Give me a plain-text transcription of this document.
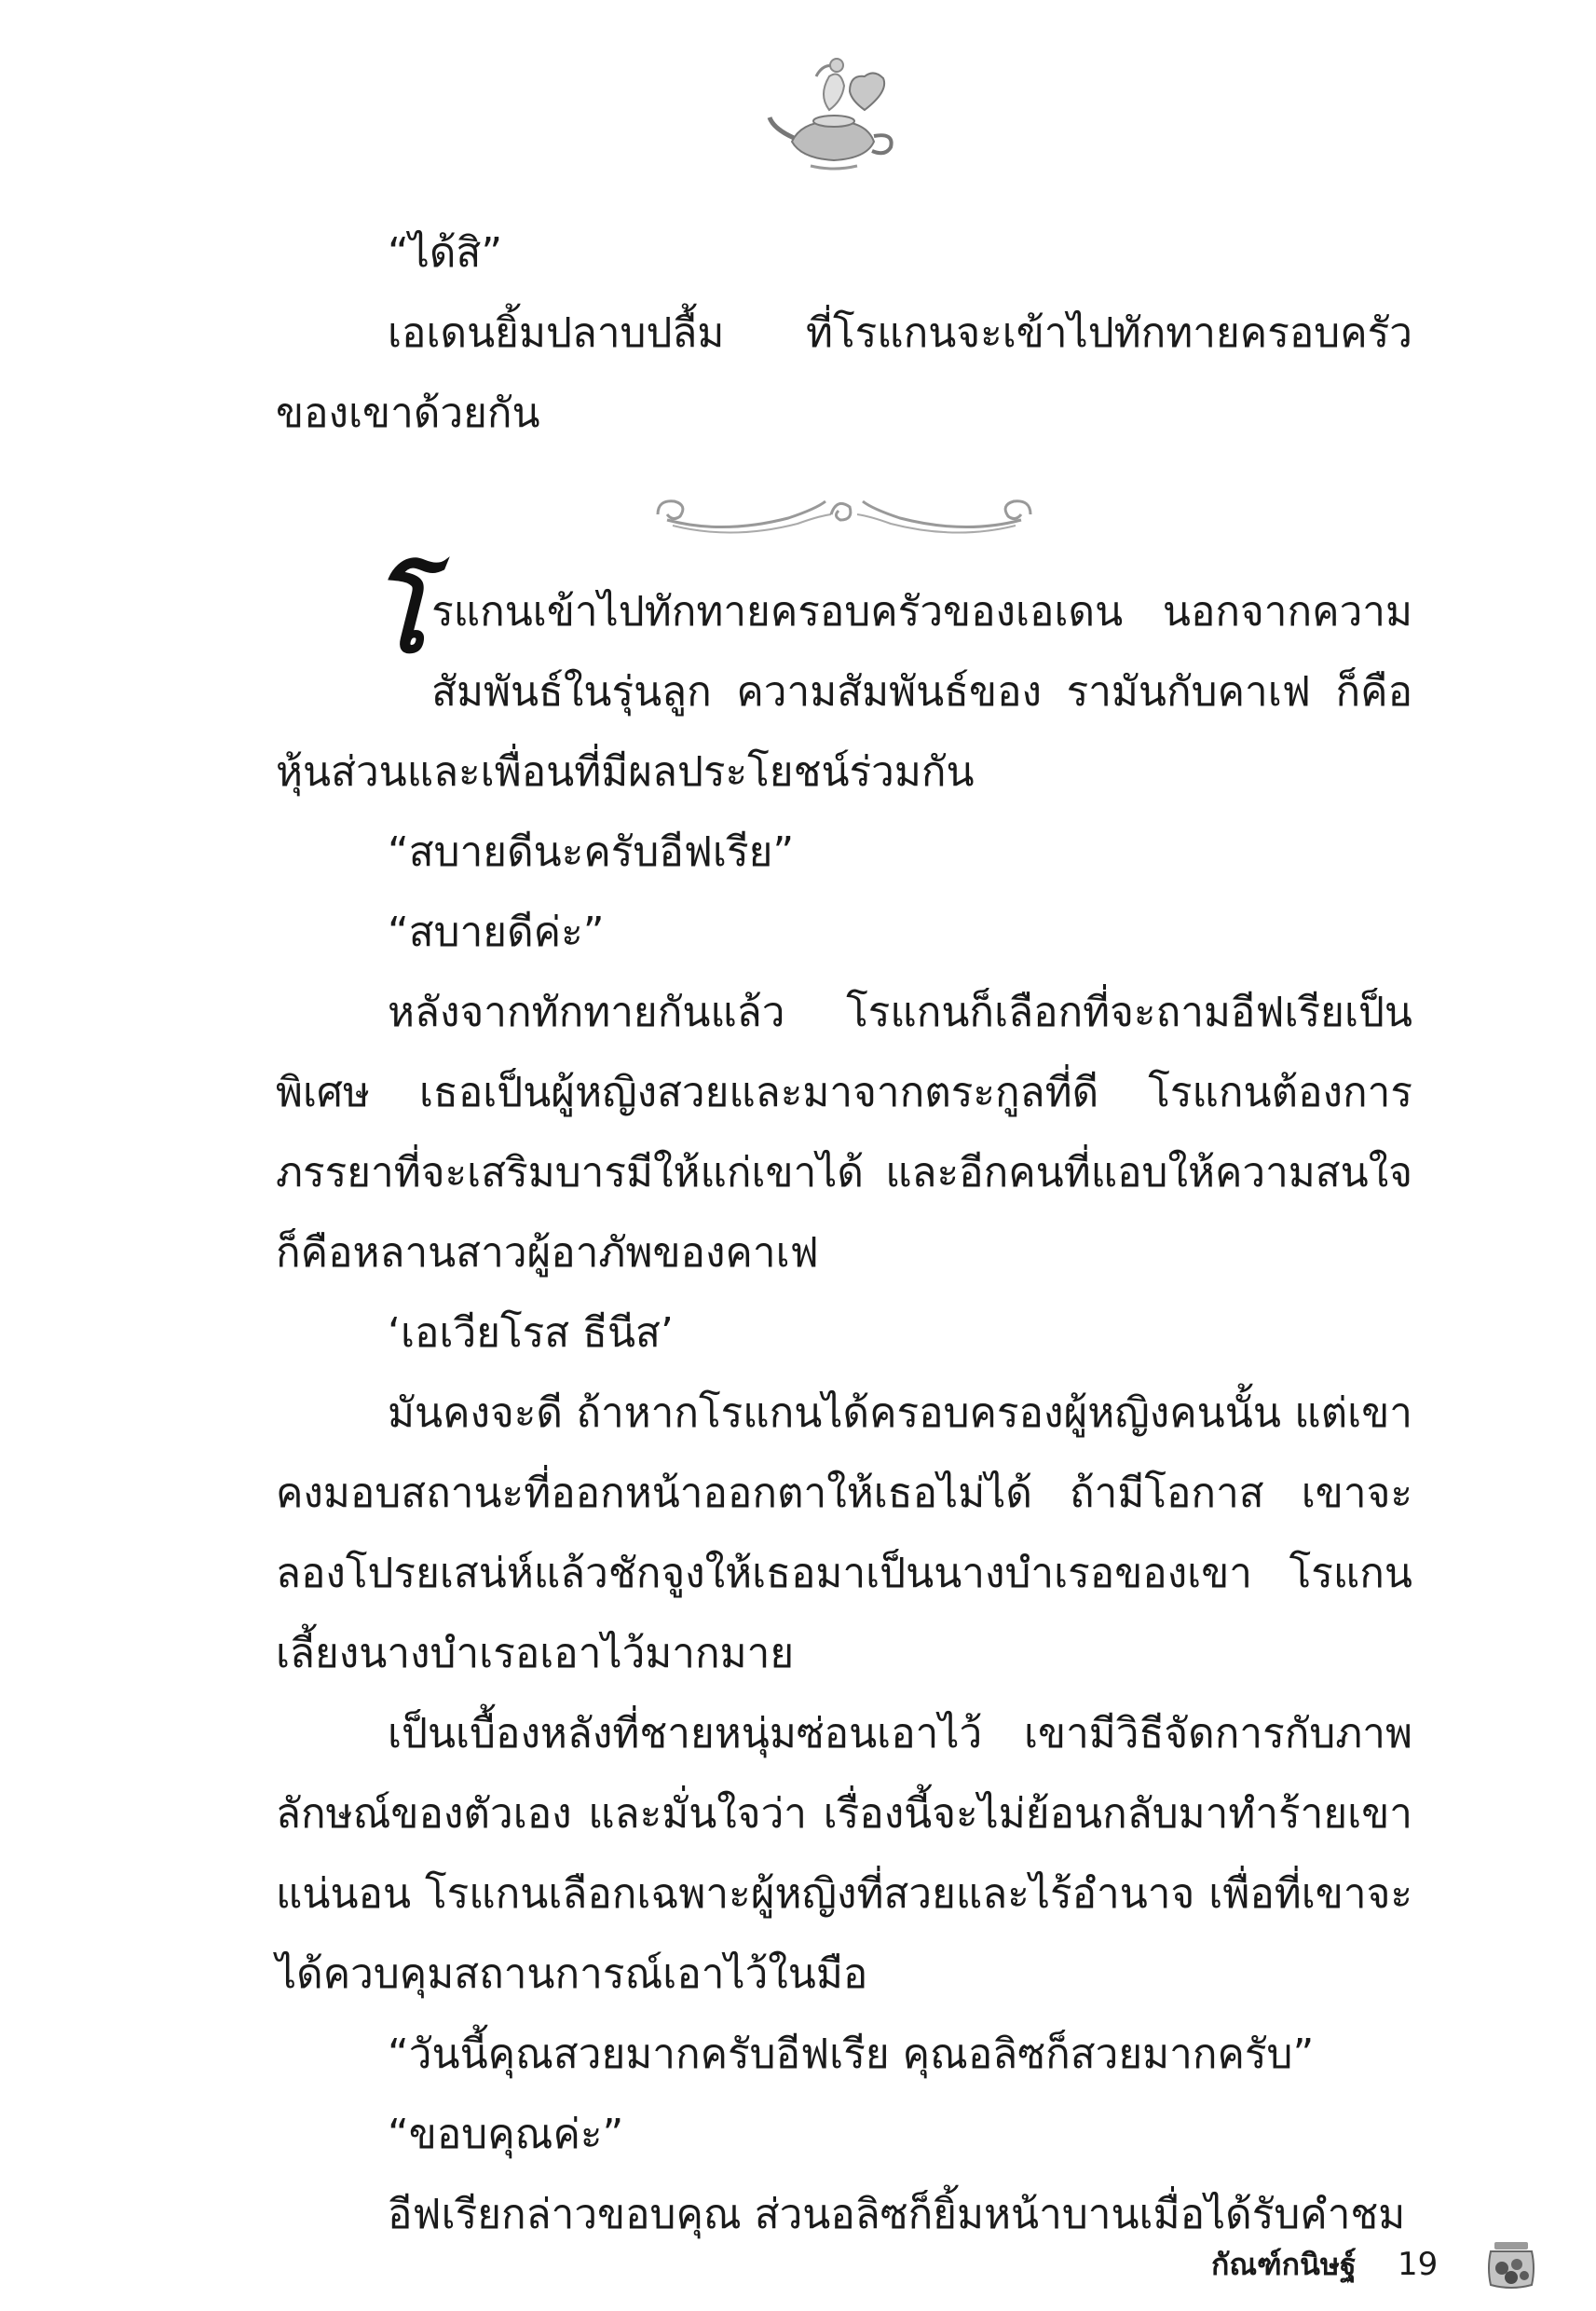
“ได้สิ”

เอเดนยิ้มปลาบปลื้ม ที่โรแกนจะเข้าไปทักทายครอบครัวของเขาด้วยกัน

โรแกนเข้าไปทักทายครอบครัวของเอเดน นอกจากความสัมพันธ์ในรุ่นลูก ความสัมพันธ์ของ รามันกับคาเฟ ก็คือหุ้นส่วนและเพื่อนที่มีผลประโยชน์ร่วมกัน

“สบายดีนะครับอีฟเรีย”

“สบายดีค่ะ”

หลังจากทักทายกันแล้ว โรแกนก็เลือกที่จะถามอีฟเรียเป็นพิเศษ เธอเป็นผู้หญิงสวยและมาจากตระกูลที่ดี โรแกนต้องการภรรยาที่จะเสริมบารมีให้แก่เขาได้ และอีกคนที่แอบให้ความสนใจ ก็คือหลานสาวผู้อาภัพของคาเฟ

‘เอเวียโรส ธีนีส’

มันคงจะดี ถ้าหากโรแกนได้ครอบครองผู้หญิงคนนั้น แต่เขาคงมอบสถานะที่ออกหน้าออกตาให้เธอไม่ได้ ถ้ามีโอกาส เขาจะลองโปรยเสน่ห์แล้วชักจูงให้เธอมาเป็นนางบำเรอของเขา โรแกนเลี้ยงนางบำเรอเอาไว้มากมาย

เป็นเบื้องหลังที่ชายหนุ่มซ่อนเอาไว้ เขามีวิธีจัดการกับภาพลักษณ์ของตัวเอง และมั่นใจว่า เรื่องนี้จะไม่ย้อนกลับมาทำร้ายเขาแน่นอน โรแกนเลือกเฉพาะผู้หญิงที่สวยและไร้อำนาจ เพื่อที่เขาจะได้ควบคุมสถานการณ์เอาไว้ในมือ

“วันนี้คุณสวยมากครับอีฟเรีย คุณอลิซก็สวยมากครับ”

“ขอบคุณค่ะ”

อีฟเรียกล่าวขอบคุณ ส่วนอลิซก็ยิ้มหน้าบานเมื่อได้รับคำชม

กัณฑ์กนิษฐ์ 19
